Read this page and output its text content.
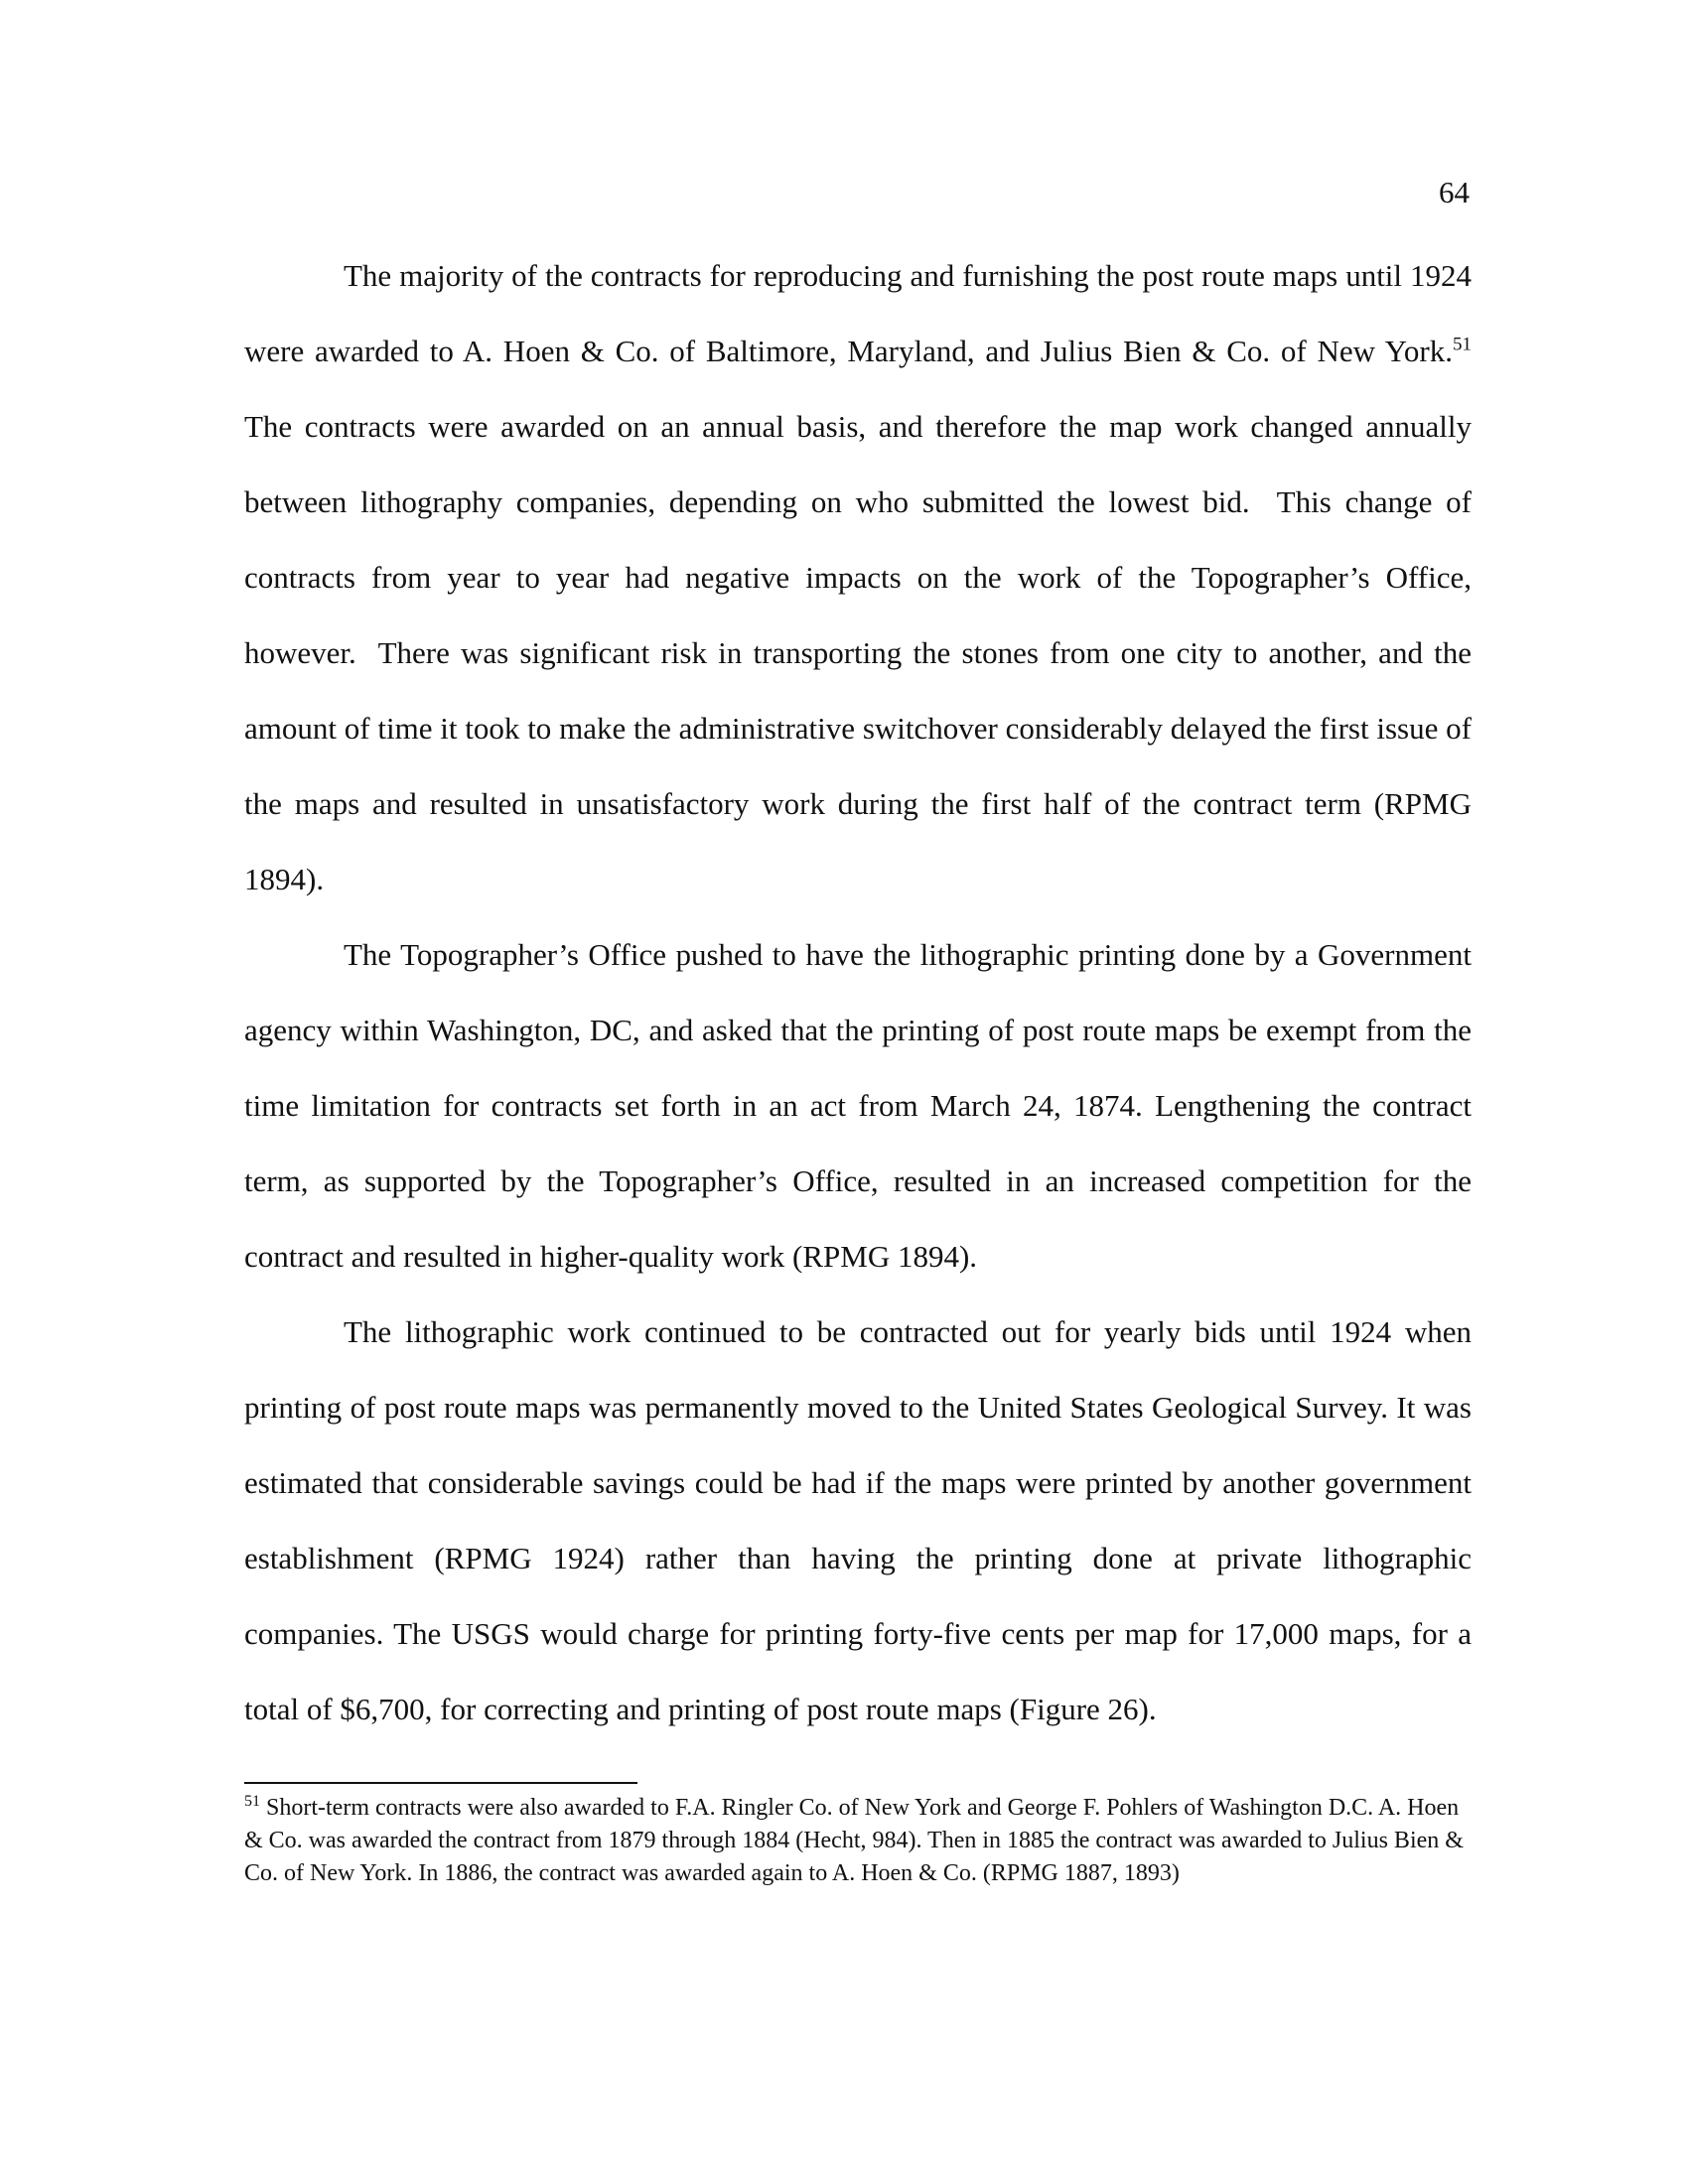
64

The majority of the contracts for reproducing and furnishing the post route maps until 1924 were awarded to A. Hoen & Co. of Baltimore, Maryland, and Julius Bien & Co. of New York.$^{51}$  The contracts were awarded on an annual basis, and therefore the map work changed annually between lithography companies, depending on who submitted the lowest bid.  This change of contracts from year to year had negative impacts on the work of the Topographer’s Office, however.  There was significant risk in transporting the stones from one city to another, and the amount of time it took to make the administrative switchover considerably delayed the first issue of the maps and resulted in unsatisfactory work during the first half of the contract term (RPMG 1894).

The Topographer’s Office pushed to have the lithographic printing done by a Government agency within Washington, DC, and asked that the printing of post route maps be exempt from the time limitation for contracts set forth in an act from March 24, 1874. Lengthening the contract term, as supported by the Topographer’s Office, resulted in an increased competition for the contract and resulted in higher-quality work (RPMG 1894).

The lithographic work continued to be contracted out for yearly bids until 1924 when printing of post route maps was permanently moved to the United States Geological Survey. It was estimated that considerable savings could be had if the maps were printed by another government establishment (RPMG 1924) rather than having the printing done at private lithographic companies. The USGS would charge for printing forty-five cents per map for 17,000 maps, for a total of $6,700, for correcting and printing of post route maps (Figure 26).

$^{51}$ Short-term contracts were also awarded to F.A. Ringler Co. of New York and George F. Pohlers of Washington D.C. A. Hoen & Co. was awarded the contract from 1879 through 1884 (Hecht, 984). Then in 1885 the contract was awarded to Julius Bien & Co. of New York. In 1886, the contract was awarded again to A. Hoen & Co. (RPMG 1887, 1893)
